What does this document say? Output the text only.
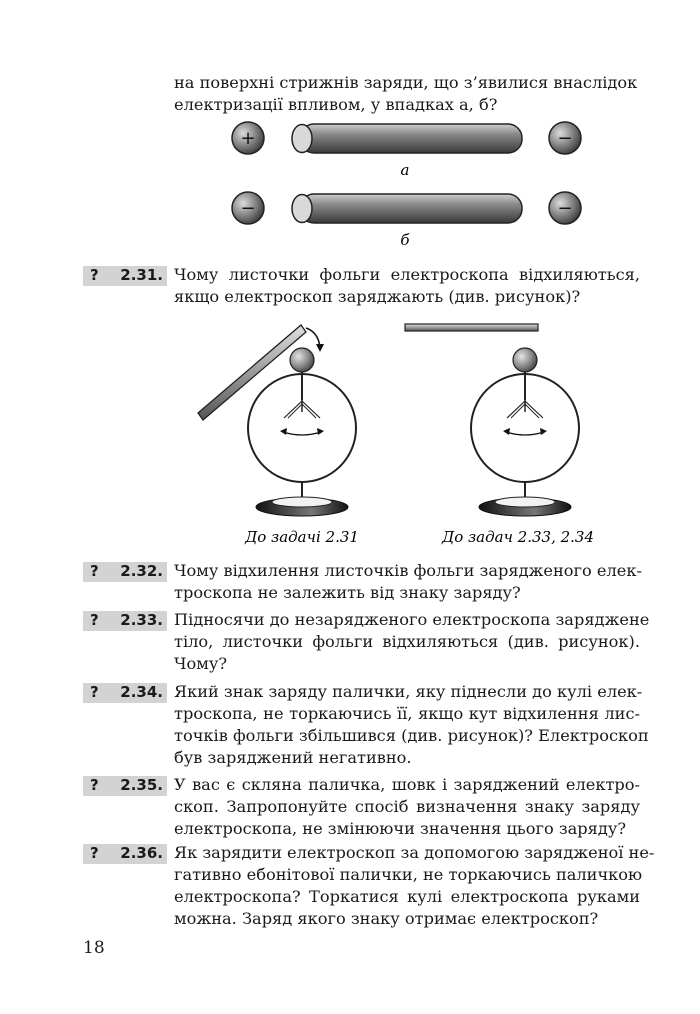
на поверхні стрижнів заряди, що з’явилися внаслідок
електризації впливом, у впадках а, б?
+	−
а
−	−
б
?	2.31. Чому листочки фольги електроскопа відхиляються,
якщо електроскоп заряджають (див. рисунок)?
До задачі 2.31	До задач 2.33, 2.34
?	2.32. Чому відхилення листочків фольги зарядженого елек-
троскопа не залежить від знаку заряду?
?	2.33. Підносячи до незарядженого електроскопа заряджене
тіло, листочки фольги відхиляються (див. рисунок).
Чому?
?	2.34. Який знак заряду палички, яку піднесли до кулі елек-
троскопа, не торкаючись її, якщо кут відхилення лис-
точків фольги збільшився (див. рисунок)? Електроскоп
був заряджений негативно.
?	2.35. У вас є скляна паличка, шовк і заряджений електро-
скоп. Запропонуйте спосіб визначення знаку заряду
електроскопа, не змінюючи значення цього заряду?
?	2.36. Як зарядити електроскоп за допомогою зарядженої не-
гативно ебонітової палички, не торкаючись паличкою
електроскопа? Торкатися кулі електроскопа руками
можна. Заряд якого знаку отримає електроскоп?
18
